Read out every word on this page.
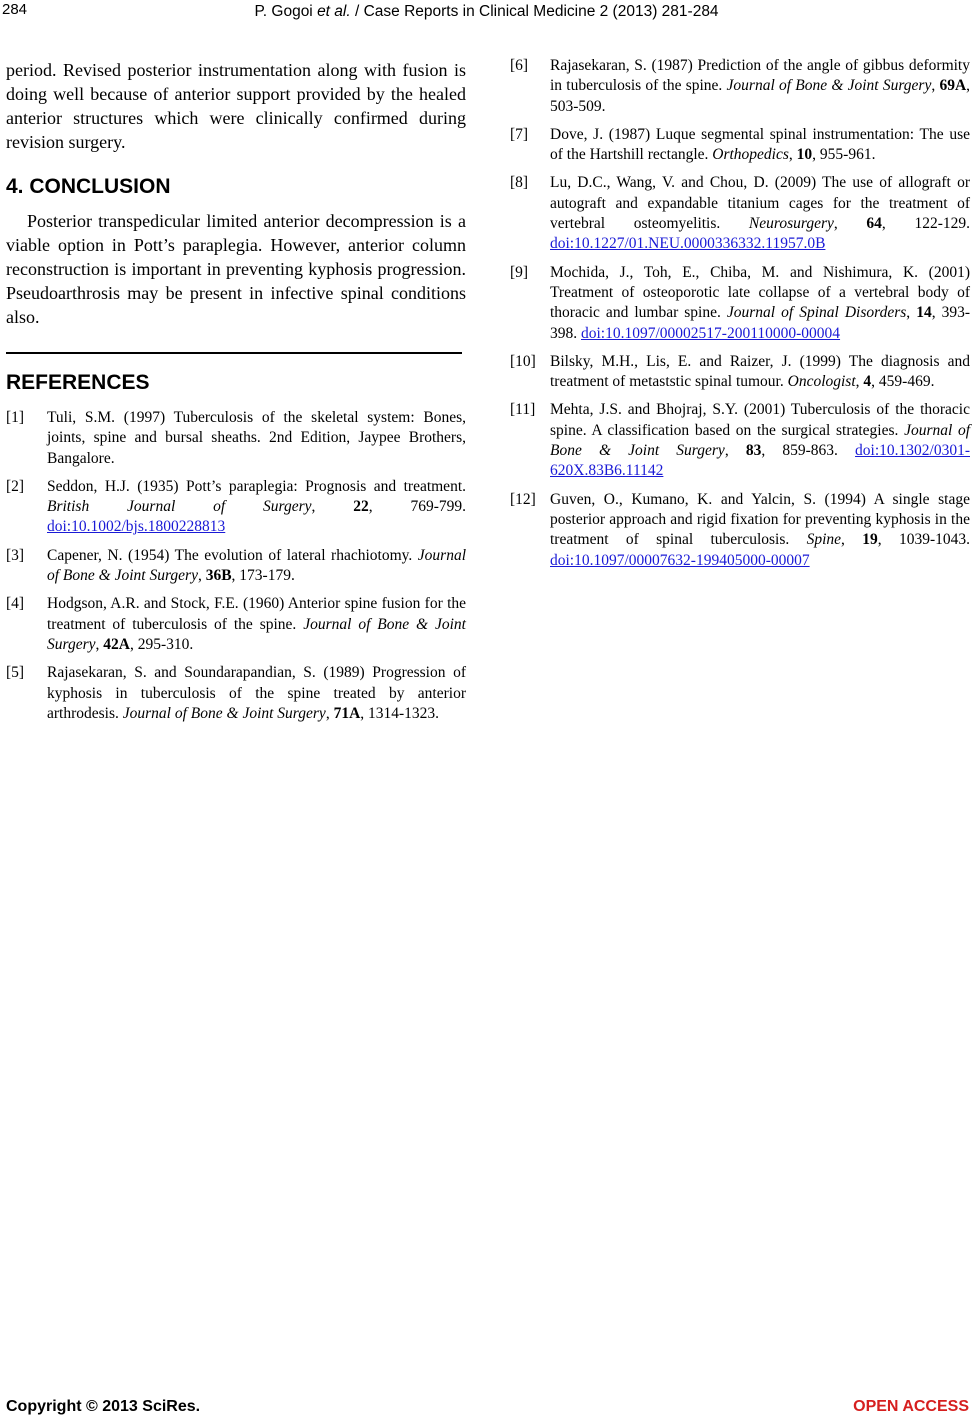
284	P. Gogoi et al. / Case Reports in Clinical Medicine 2 (2013) 281-284

period. Revised posterior instrumentation along with fusion is doing well because of anterior support provided by the healed anterior structures which were clinically confirmed during revision surgery.

4. CONCLUSION

Posterior transpedicular limited anterior decompression is a viable option in Pott’s paraplegia. However, anterior column reconstruction is important in preventing kyphosis progression. Pseudoarthrosis may be present in infective spinal conditions also.

REFERENCES
[1] Tuli, S.M. (1997) Tuberculosis of the skeletal system: Bones, joints, spine and bursal sheaths. 2nd Edition, Jaypee Brothers, Bangalore.
[2] Seddon, H.J. (1935) Pott’s paraplegia: Prognosis and treatment. British Journal of Surgery, 22, 769-799. doi:10.1002/bjs.1800228813
[3] Capener, N. (1954) The evolution of lateral rhachiotomy. Journal of Bone & Joint Surgery, 36B, 173-179.
[4] Hodgson, A.R. and Stock, F.E. (1960) Anterior spine fusion for the treatment of tuberculosis of the spine. Journal of Bone & Joint Surgery, 42A, 295-310.
[5] Rajasekaran, S. and Soundarapandian, S. (1989) Progression of kyphosis in tuberculosis of the spine treated by anterior arthrodesis. Journal of Bone & Joint Surgery, 71A, 1314-1323.
[6] Rajasekaran, S. (1987) Prediction of the angle of gibbus deformity in tuberculosis of the spine. Journal of Bone & Joint Surgery, 69A, 503-509.
[7] Dove, J. (1987) Luque segmental spinal instrumentation: The use of the Hartshill rectangle. Orthopedics, 10, 955-961.
[8] Lu, D.C., Wang, V. and Chou, D. (2009) The use of allograft or autograft and expandable titanium cages for the treatment of vertebral osteomyelitis. Neurosurgery, 64, 122-129. doi:10.1227/01.NEU.0000336332.11957.0B
[9] Mochida, J., Toh, E., Chiba, M. and Nishimura, K. (2001) Treatment of osteoporotic late collapse of a vertebral body of thoracic and lumbar spine. Journal of Spinal Disorders, 14, 393-398. doi:10.1097/00002517-200110000-00004
[10] Bilsky, M.H., Lis, E. and Raizer, J. (1999) The diagnosis and treatment of metaststic spinal tumour. Oncologist, 4, 459-469.
[11] Mehta, J.S. and Bhojraj, S.Y. (2001) Tuberculosis of the thoracic spine. A classification based on the surgical strategies. Journal of Bone & Joint Surgery, 83, 859-863. doi:10.1302/0301-620X.83B6.11142
[12] Guven, O., Kumano, K. and Yalcin, S. (1994) A single stage posterior approach and rigid fixation for preventing kyphosis in the treatment of spinal tuberculosis. Spine, 19, 1039-1043. doi:10.1097/00007632-199405000-00007
Copyright © 2013 SciRes.	OPEN ACCESS
